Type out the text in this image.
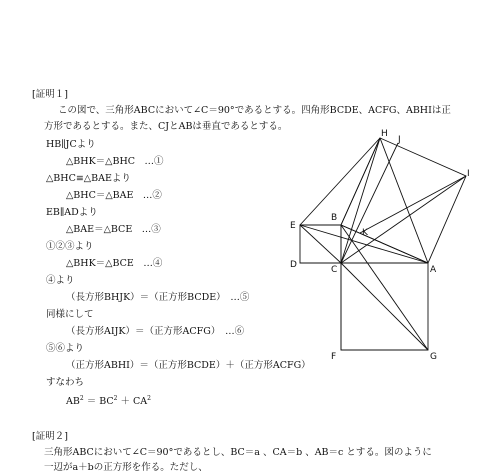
[証明１]
この図で、三角形ABCにおいて∠C＝90°であるとする。四角形BCDE、ACFG、ABHIは正
方形であるとする。また、CJとABは垂直であるとする。
HB∥JCより
△BHK＝△BHC　…①
△BHC≡△BAEより
△BHC＝△BAE　…②
EB∥ADより
△BAE＝△BCE　…③
①②③より
△BHK＝△BCE　…④
④より
（長方形BHJK）＝（正方形BCDE）　…⑤
同様にして
（長方形AIJK）＝（正方形ACFG）　…⑥
⑤⑥より
（正方形ABHI）＝（正方形BCDE）＋（正方形ACFG）
すなわち
$AB^2 = BC^2 + CA^2$
[証明２]
三角形ABCにおいて∠C＝90°であるとし、BC＝a 、CA＝b 、AB＝c とする。図のように
一辺がa＋bの正方形を作る。ただし、
H
J
I
E
B
K
D	C	A
F	G
